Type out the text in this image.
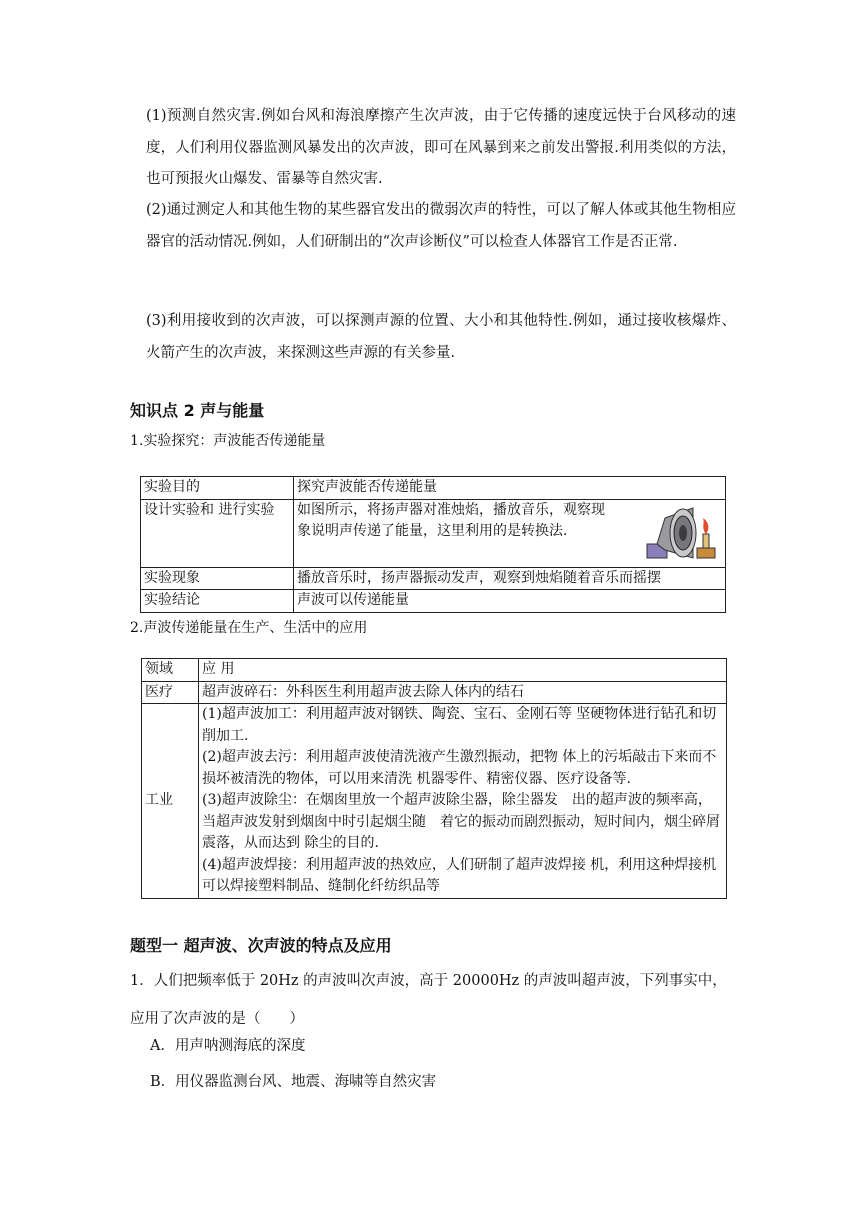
(1)预测自然灾害.例如台风和海浪摩擦产生次声波，由于它传播的速度远快于台风移动的速度，人们利用仪器监测风暴发出的次声波，即可在风暴到来之前发出警报.利用类似的方法，也可预报火山爆发、雷暴等自然灾害.
(2)通过测定人和其他生物的某些器官发出的微弱次声的特性，可以了解人体或其他生物相应器官的活动情况.例如，人们研制出的“次声诊断仪”可以检查人体器官工作是否正常.
(3)利用接收到的次声波，可以探测声源的位置、大小和其他特性.例如，通过接收核爆炸、火箭产生的次声波，来探测这些声源的有关参量.
知识点 2 声与能量
1.实验探究：声波能否传递能量
实验目的	探究声波能否传递能量
设计实验和 进行实验	如图所示，将扬声器对准烛焰，播放音乐，观察现象说明声传递了能量，这里利用的是转换法.

实验现象	播放音乐时，扬声器振动发声，观察到烛焰随着音乐而摇摆
实验结论	声波可以传递能量
2.声波传递能量在生产、生活中的应用
领域	应 用
医疗	超声波碎石：外科医生利用超声波去除人体内的结石
工业	(1)超声波加工：利用超声波对钢铁、陶瓷、宝石、金刚石等 坚硬物体进行钻孔和切削加工.
(2)超声波去污：利用超声波使清洗液产生激烈振动，把物 体上的污垢敲击下来而不损坏被清洗的物体，可以用来清洗 机器零件、精密仪器、医疗设备等.
(3)超声波除尘：在烟囱里放一个超声波除尘器，除尘器发　出的超声波的频率高，当超声波发射到烟囱中时引起烟尘随　着它的振动而剧烈振动，短时间内，烟尘碎屑震落，从而达到 除尘的目的.
(4)超声波焊接：利用超声波的热效应，人们研制了超声波焊接 机，利用这种焊接机可以焊接塑料制品、缝制化纤纺织品等
题型一 超声波、次声波的特点及应用
1．人们把频率低于 20Hz 的声波叫次声波，高于 20000Hz 的声波叫超声波，下列事实中，应用了次声波的是（　　）
A．用声呐测海底的深度
B．用仪器监测台风、地震、海啸等自然灾害
